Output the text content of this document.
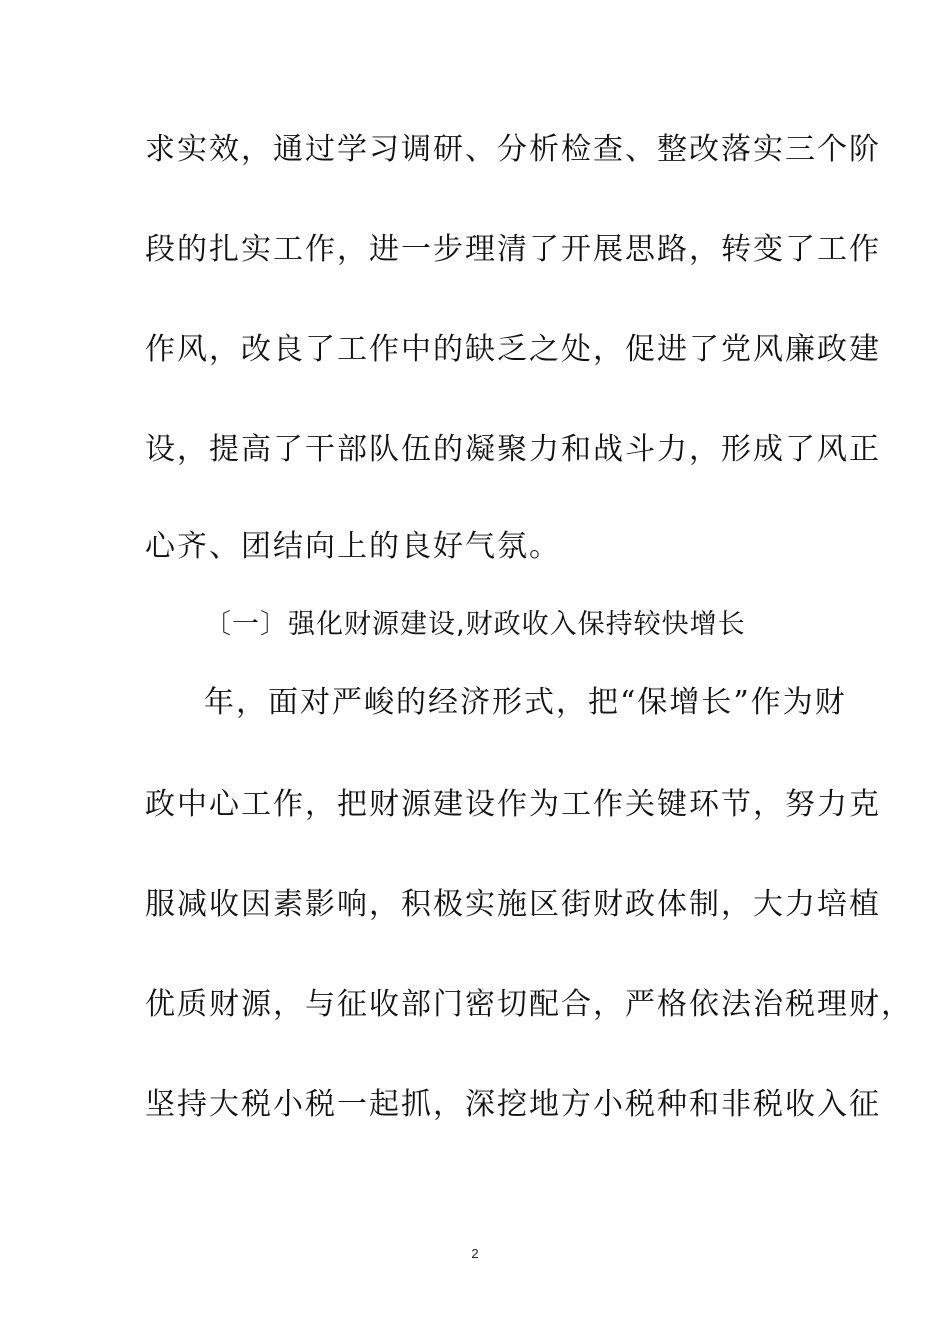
求实效，通过学习调研、分析检查、整改落实三个阶
段的扎实工作，进一步理清了开展思路，转变了工作
作风，改良了工作中的缺乏之处，促进了党风廉政建
设，提高了干部队伍的凝聚力和战斗力，形成了风正
心齐、团结向上的良好气氛。
〔一〕强化财源建设,财政收入保持较快增长
年，面对严峻的经济形式，把“保增长”作为财
政中心工作，把财源建设作为工作关键环节，努力克
服减收因素影响，积极实施区街财政体制，大力培植
优质财源，与征收部门密切配合，严格依法治税理财，
坚持大税小税一起抓，深挖地方小税种和非税收入征
2
